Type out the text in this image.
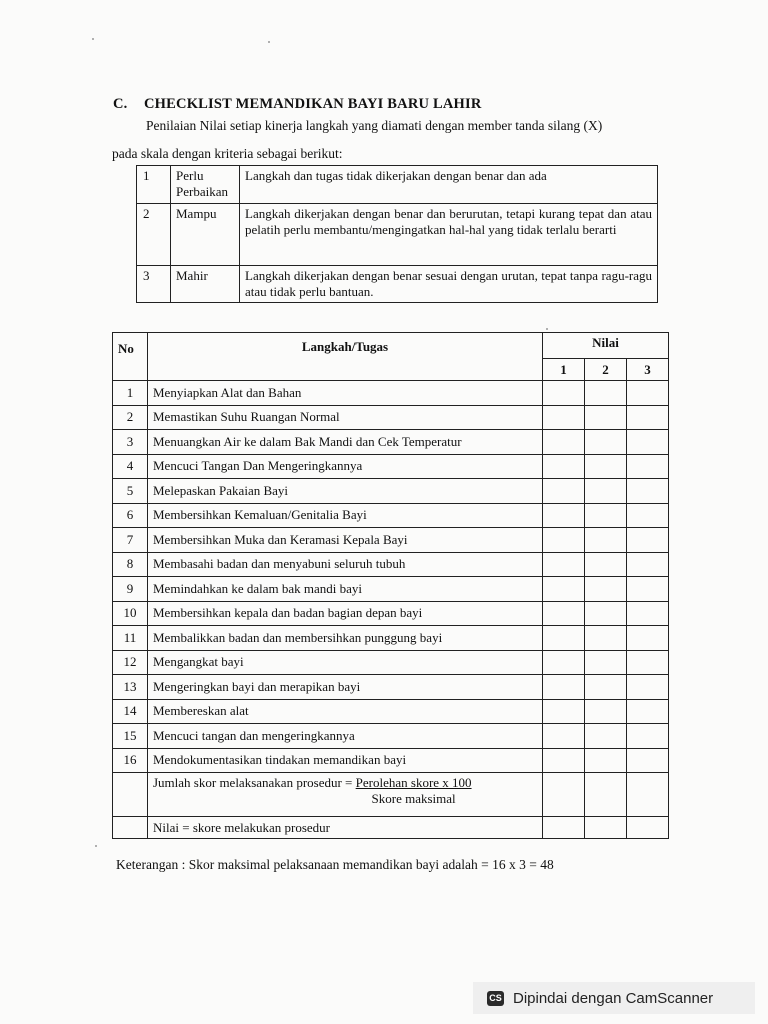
C. CHECKLIST MEMANDIKAN BAYI BARU LAHIR
Penilaian Nilai setiap kinerja langkah yang diamati dengan member tanda silang (X)
pada skala dengan kriteria sebagai berikut:
1	Perlu Perbaikan	Langkah dan tugas tidak dikerjakan dengan benar dan ada
2	Mampu	Langkah dikerjakan dengan benar dan berurutan, tetapi kurang tepat dan atau pelatih perlu membantu/mengingatkan hal-hal yang tidak terlalu berarti
3	Mahir	Langkah dikerjakan dengan benar sesuai dengan urutan, tepat tanpa ragu-ragu atau tidak perlu bantuan.
No	Langkah/Tugas	Nilai		
		1	2	3
1	Menyiapkan Alat dan Bahan			
2	Memastikan Suhu Ruangan Normal			
3	Menuangkan Air ke dalam Bak Mandi dan Cek Temperatur			
4	Mencuci Tangan Dan Mengeringkannya			
5	Melepaskan Pakaian Bayi			
6	Membersihkan Kemaluan/Genitalia Bayi			
7	Membersihkan Muka dan Keramasi Kepala Bayi			
8	Membasahi badan dan menyabuni seluruh tubuh			
9	Memindahkan ke dalam bak mandi bayi			
10	Membersihkan kepala dan badan bagian depan bayi			
11	Membalikkan badan dan membersihkan punggung bayi			
12	Mengangkat bayi			
13	Mengeringkan bayi dan merapikan bayi			
14	Membereskan alat			
15	Mencuci tangan dan mengeringkannya			
16	Mendokumentasikan tindakan memandikan bayi			
	Jumlah skor melaksanakan prosedur = $\frac{\text{Perolehan skore x 100}}{\text{Skore maksimal}}$			
	Nilai = skore melakukan prosedur			
Keterangan : Skor maksimal pelaksanaan memandikan bayi adalah = 16 x 3 = 48
CS Dipindai dengan CamScanner
